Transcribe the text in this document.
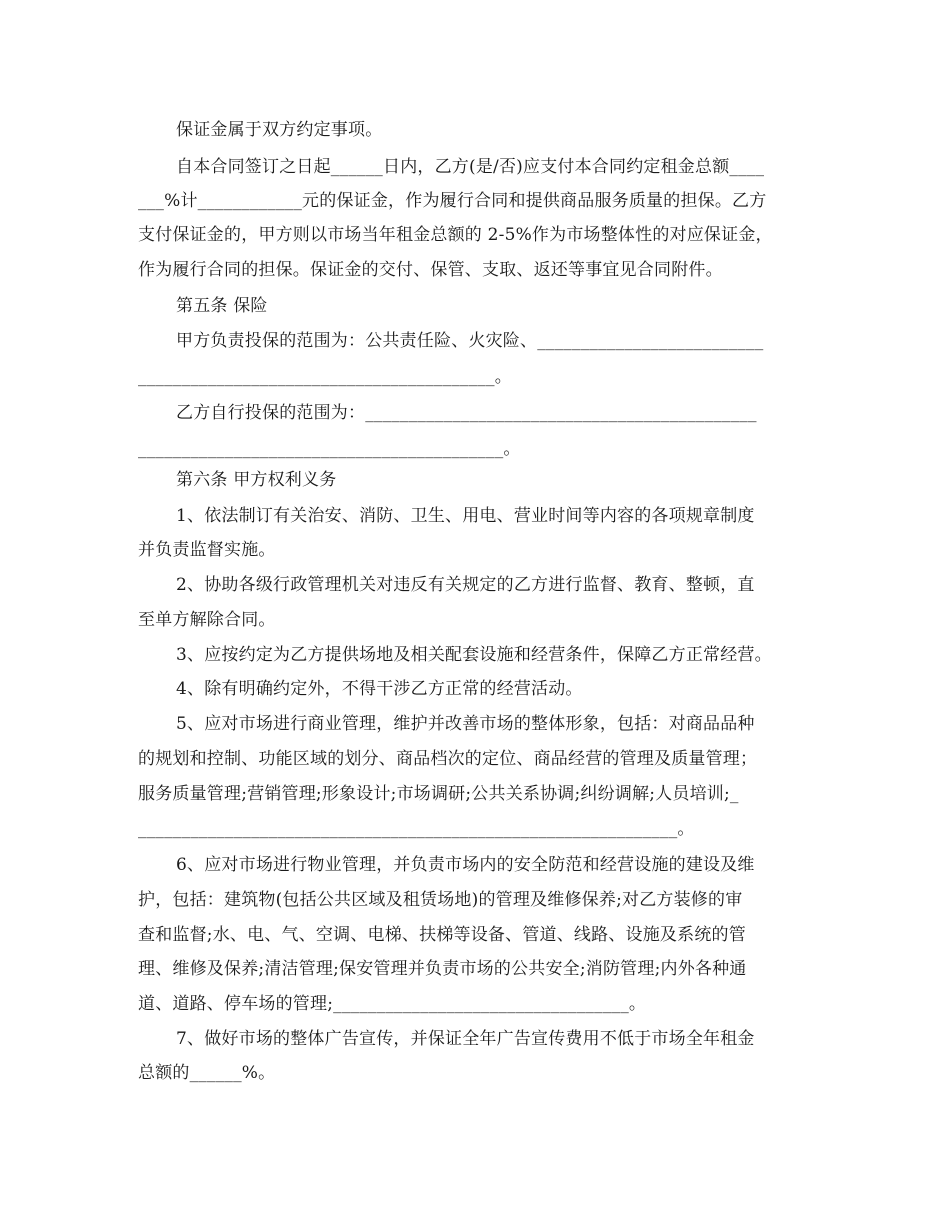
保证金属于双方约定事项。
自本合同签订之日起______日内，乙方(是/否)应支付本合同约定租金总额____
___%计____________元的保证金，作为履行合同和提供商品服务质量的担保。乙方
支付保证金的，甲方则以市场当年租金总额的 2-5%作为市场整体性的对应保证金，
作为履行合同的担保。保证金的交付、保管、支取、返还等事宜见合同附件。
第五条 保险
甲方负责投保的范围为：公共责任险、火灾险、__________________________
_________________________________________。
乙方自行投保的范围为：_____________________________________________
__________________________________________。
第六条 甲方权利义务
1、依法制订有关治安、消防、卫生、用电、营业时间等内容的各项规章制度
并负责监督实施。
2、协助各级行政管理机关对违反有关规定的乙方进行监督、教育、整顿，直
至单方解除合同。
3、应按约定为乙方提供场地及相关配套设施和经营条件，保障乙方正常经营。
4、除有明确约定外，不得干涉乙方正常的经营活动。
5、应对市场进行商业管理，维护并改善市场的整体形象，包括：对商品品种
的规划和控制、功能区域的划分、商品档次的定位、商品经营的管理及质量管理；
服务质量管理;营销管理;形象设计;市场调研;公共关系协调;纠纷调解;人员培训;_
______________________________________________________________。
6、应对市场进行物业管理，并负责市场内的安全防范和经营设施的建设及维
护，包括：建筑物(包括公共区域及租赁场地)的管理及维修保养;对乙方装修的审
查和监督;水、电、气、空调、电梯、扶梯等设备、管道、线路、设施及系统的管
理、维修及保养;清洁管理;保安管理并负责市场的公共安全;消防管理;内外各种通
道、道路、停车场的管理;__________________________________。
7、做好市场的整体广告宣传，并保证全年广告宣传费用不低于市场全年租金
总额的______%。
